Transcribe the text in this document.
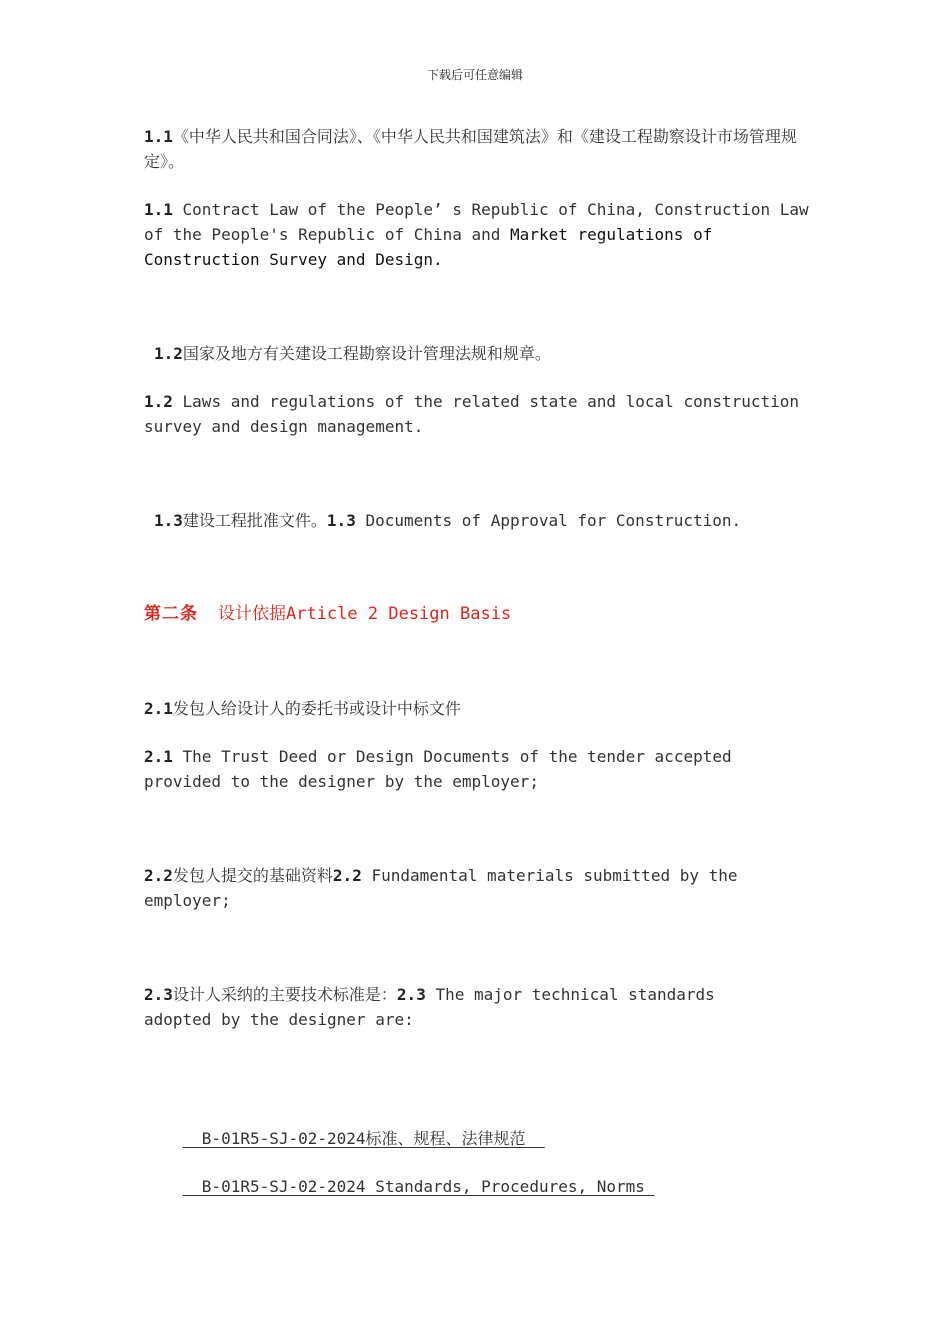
下载后可任意编辑
1.1《中华人民共和国合同法》、《中华人民共和国建筑法》和《建设工程勘察设计市场管理规定》。
1.1 Contract Law of the People’ s Republic of China, Construction Law of the People's Republic of China and Market regulations of Construction Survey and Design.
1.2国家及地方有关建设工程勘察设计管理法规和规章。
1.2 Laws and regulations of the related state and local construction survey and design management.
1.3建设工程批准文件。1.3 Documents of Approval for Construction.
第二条 设计依据Article 2 Design Basis
2.1发包人给设计人的委托书或设计中标文件
2.1 The Trust Deed or Design Documents of the tender accepted provided to the designer by the employer;
2.2发包人提交的基础资料2.2 Fundamental materials submitted by the employer;
2.3设计人采纳的主要技术标准是：2.3 The major technical standards adopted by the designer are:

B-01R5-SJ-02-2024标准、规程、法律规范

B-01R5-SJ-02-2024 Standards, Procedures, Norms
